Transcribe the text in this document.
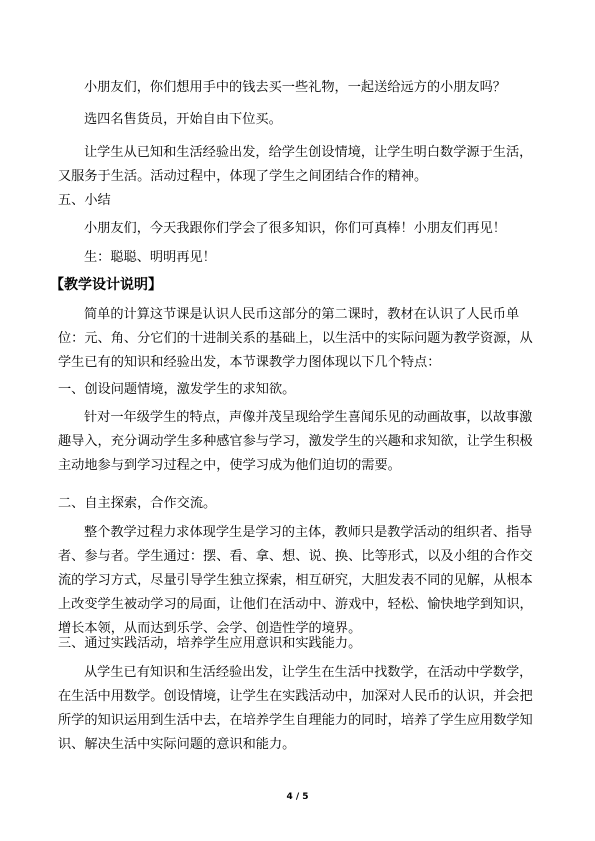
小朋友们，你们想用手中的钱去买一些礼物，一起送给远方的小朋友吗？

选四名售货员，开始自由下位买。

让学生从已知和生活经验出发，给学生创设情境，让学生明白数学源于生活，又服务于生活。活动过程中，体现了学生之间团结合作的精神。

五、小结

小朋友们，今天我跟你们学会了很多知识，你们可真棒！小朋友们再见！

生：聪聪、明明再见！

【教学设计说明】

简单的计算这节课是认识人民币这部分的第二课时，教材在认识了人民币单位：元、角、分它们的十进制关系的基础上，以生活中的实际问题为教学资源，从学生已有的知识和经验出发，本节课教学力图体现以下几个特点：

一、创设问题情境，激发学生的求知欲。

针对一年级学生的特点，声像并茂呈现给学生喜闻乐见的动画故事，以故事激趣导入，充分调动学生多种感官参与学习，激发学生的兴趣和求知欲，让学生积极主动地参与到学习过程之中，使学习成为他们迫切的需要。

二、自主探索，合作交流。

整个教学过程力求体现学生是学习的主体，教师只是教学活动的组织者、指导者、参与者。学生通过：摆、看、拿、想、说、换、比等形式，以及小组的合作交流的学习方式，尽量引导学生独立探索，相互研究，大胆发表不同的见解，从根本上改变学生被动学习的局面，让他们在活动中、游戏中，轻松、愉快地学到知识，增长本领，从而达到乐学、会学、创造性学的境界。

三、通过实践活动，培养学生应用意识和实践能力。

从学生已有知识和生活经验出发，让学生在生活中找数学，在活动中学数学，在生活中用数学。创设情境，让学生在实践活动中，加深对人民币的认识，并会把所学的知识运用到生活中去，在培养学生自理能力的同时，培养了学生应用数学知识、解决生活中实际问题的意识和能力。

4 / 5
